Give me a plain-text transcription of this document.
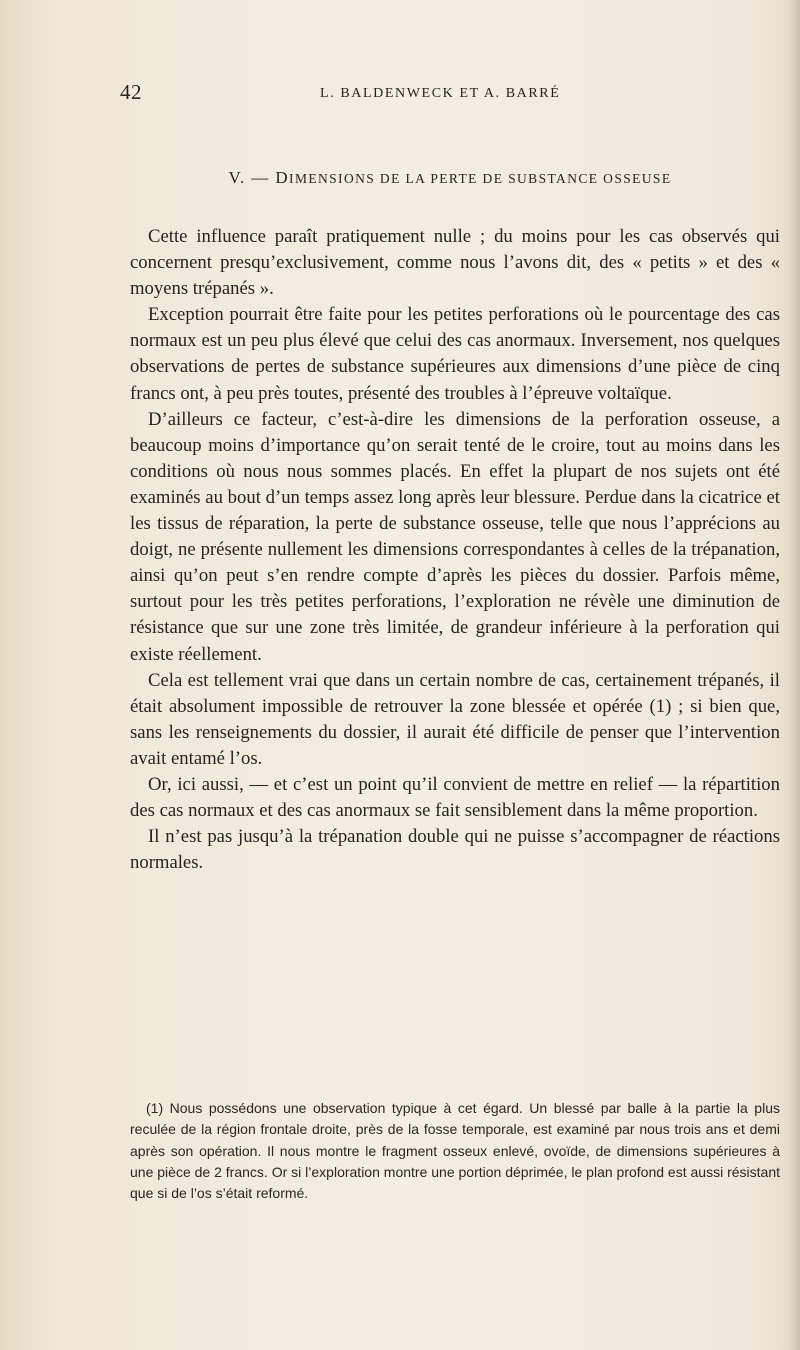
42	L. BALDENWECK ET A. BARRÉ
V. — DIMENSIONS DE LA PERTE DE SUBSTANCE OSSEUSE

Cette influence paraît pratiquement nulle ; du moins pour les cas observés qui concernent presqu’exclusivement, comme nous l’avons dit, des « petits » et des « moyens trépanés ».

Exception pourrait être faite pour les petites perforations où le pourcentage des cas normaux est un peu plus élevé que celui des cas anormaux. Inversement, nos quelques observations de pertes de substance supérieures aux dimensions d’une pièce de cinq francs ont, à peu près toutes, présenté des troubles à l’épreuve voltaïque.

D’ailleurs ce facteur, c’est-à-dire les dimensions de la perforation osseuse, a beaucoup moins d’importance qu’on serait tenté de le croire, tout au moins dans les conditions où nous nous sommes placés. En effet la plupart de nos sujets ont été examinés au bout d’un temps assez long après leur blessure. Perdue dans la cicatrice et les tissus de réparation, la perte de substance osseuse, telle que nous l’apprécions au doigt, ne présente nullement les dimensions correspondantes à celles de la trépanation, ainsi qu’on peut s’en rendre compte d’après les pièces du dossier. Parfois même, surtout pour les très petites perforations, l’exploration ne révèle une diminution de résistance que sur une zone très limitée, de grandeur inférieure à la perforation qui existe réellement.

Cela est tellement vrai que dans un certain nombre de cas, certainement trépanés, il était absolument impossible de retrouver la zone blessée et opérée (1) ; si bien que, sans les renseignements du dossier, il aurait été difficile de penser que l’intervention avait entamé l’os.

Or, ici aussi, — et c’est un point qu’il convient de mettre en relief — la répartition des cas normaux et des cas anormaux se fait sensiblement dans la même proportion.

Il n’est pas jusqu’à la trépanation double qui ne puisse s’accompagner de réactions normales.

(1) Nous possédons une observation typique à cet égard. Un blessé par balle à la partie la plus reculée de la région frontale droite, près de la fosse temporale, est examiné par nous trois ans et demi après son opération. Il nous montre le fragment osseux enlevé, ovoïde, de dimensions supérieures à une pièce de 2 francs. Or si l’exploration montre une portion déprimée, le plan profond est aussi résistant que si de l’os s’était reformé.
